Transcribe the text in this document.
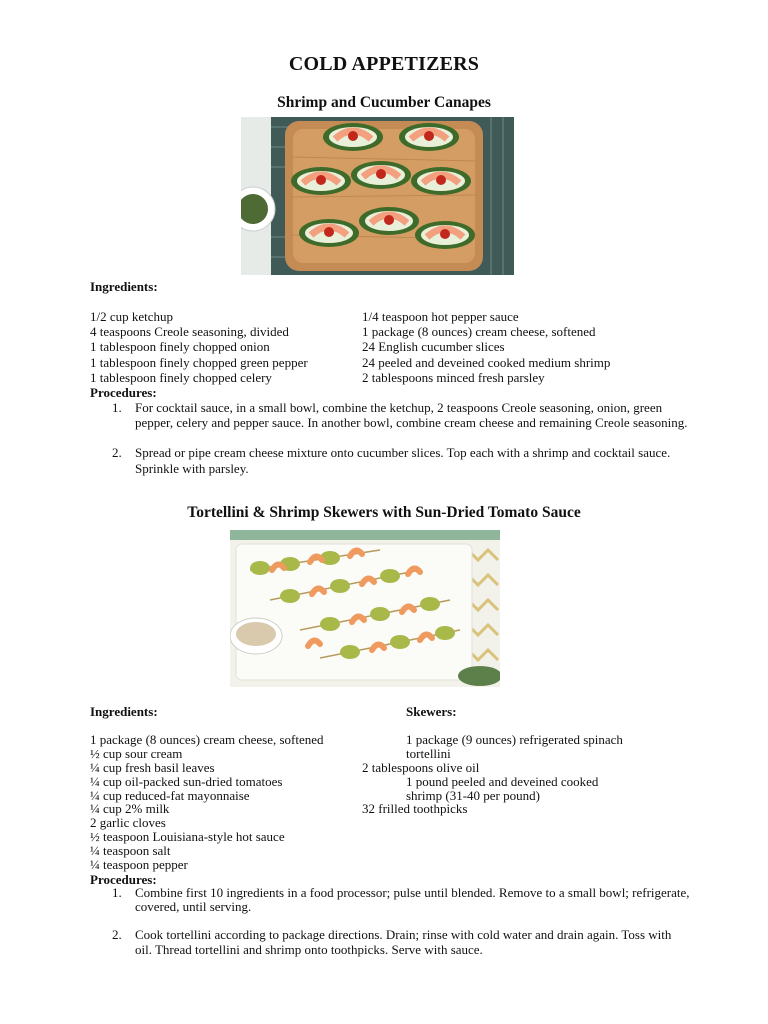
COLD APPETIZERS
Shrimp and Cucumber Canapes
Ingredients:
1/2 cup ketchup
4 teaspoons Creole seasoning, divided
1 tablespoon finely chopped onion
1 tablespoon finely chopped green pepper
1 tablespoon finely chopped celery
1/4 teaspoon hot pepper sauce
1 package (8 ounces) cream cheese, softened
24 English cucumber slices
24 peeled and deveined cooked medium shrimp
2 tablespoons minced fresh parsley
Procedures:
1. For cocktail sauce, in a small bowl, combine the ketchup, 2 teaspoons Creole seasoning, onion, green pepper, celery and pepper sauce. In another bowl, combine cream cheese and remaining Creole seasoning.
2. Spread or pipe cream cheese mixture onto cucumber slices. Top each with a shrimp and cocktail sauce. Sprinkle with parsley.
Tortellini & Shrimp Skewers with Sun-Dried Tomato Sauce
Ingredients:	Skewers:
1 package (8 ounces) cream cheese, softened
½ cup sour cream
¼ cup fresh basil leaves
¼ cup oil-packed sun-dried tomatoes
¼ cup reduced-fat mayonnaise
¼ cup 2% milk
2 garlic cloves
½ teaspoon Louisiana-style hot sauce
¼ teaspoon salt
¼ teaspoon pepper
1 package (9 ounces) refrigerated spinach
tortellini
2 tablespoons olive oil
1 pound peeled and deveined cooked
shrimp (31-40 per pound)
32 frilled toothpicks
Procedures:
1. Combine first 10 ingredients in a food processor; pulse until blended. Remove to a small bowl; refrigerate, covered, until serving.
2. Cook tortellini according to package directions. Drain; rinse with cold water and drain again. Toss with oil. Thread tortellini and shrimp onto toothpicks. Serve with sauce.
